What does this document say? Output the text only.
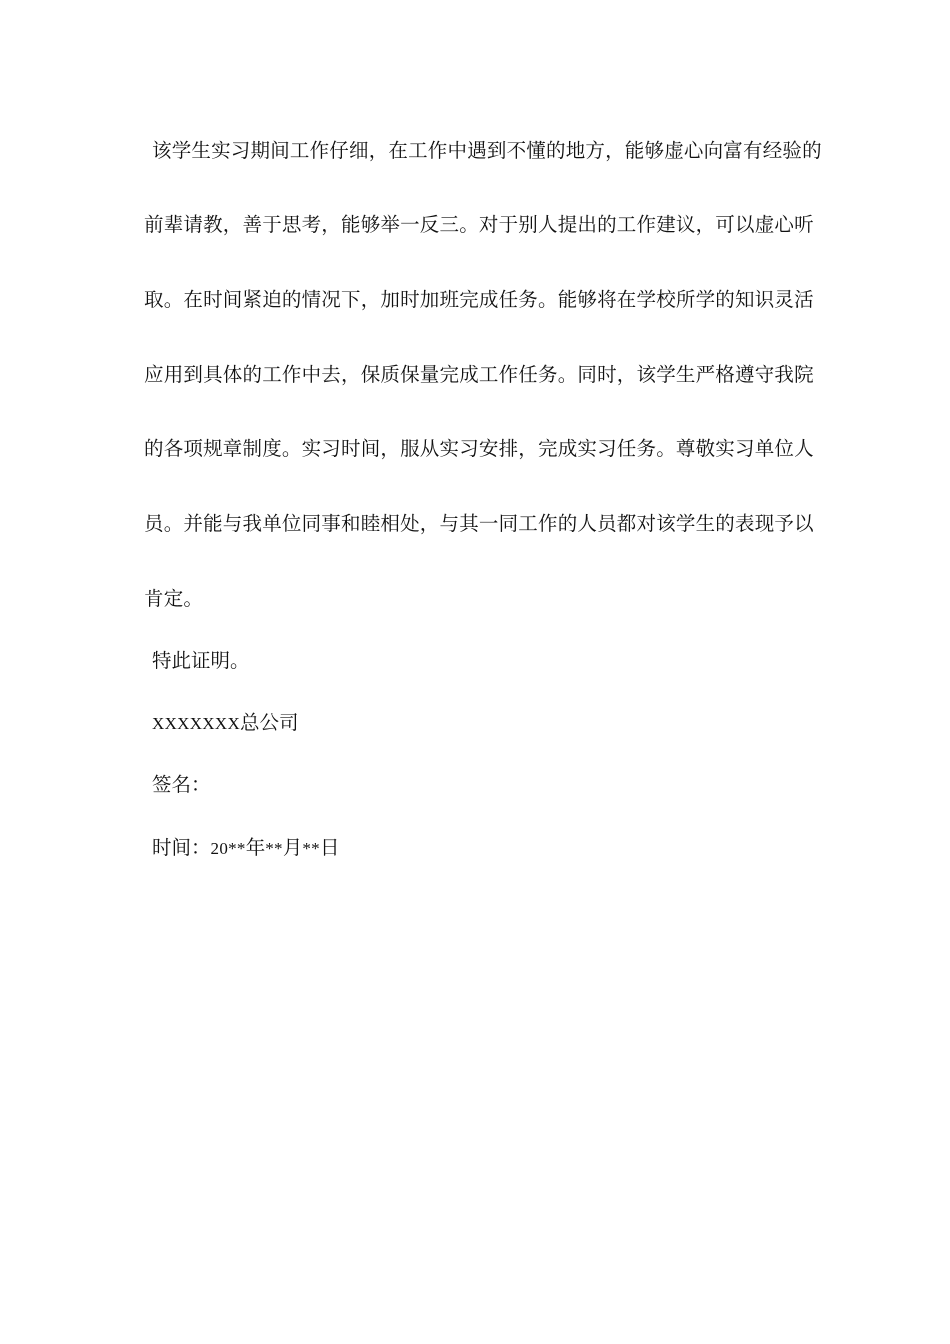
该学生实习期间工作仔细，在工作中遇到不懂的地方，能够虚心向富有经验的
前辈请教，善于思考，能够举一反三。对于别人提出的工作建议，可以虚心听
取。在时间紧迫的情况下，加时加班完成任务。能够将在学校所学的知识灵活
应用到具体的工作中去，保质保量完成工作任务。同时，该学生严格遵守我院
的各项规章制度。实习时间，服从实习安排，完成实习任务。尊敬实习单位人
员。并能与我单位同事和睦相处，与其一同工作的人员都对该学生的表现予以
肯定。
特此证明。
XXXXXXX总公司
签名：
时间：20**年**月**日
